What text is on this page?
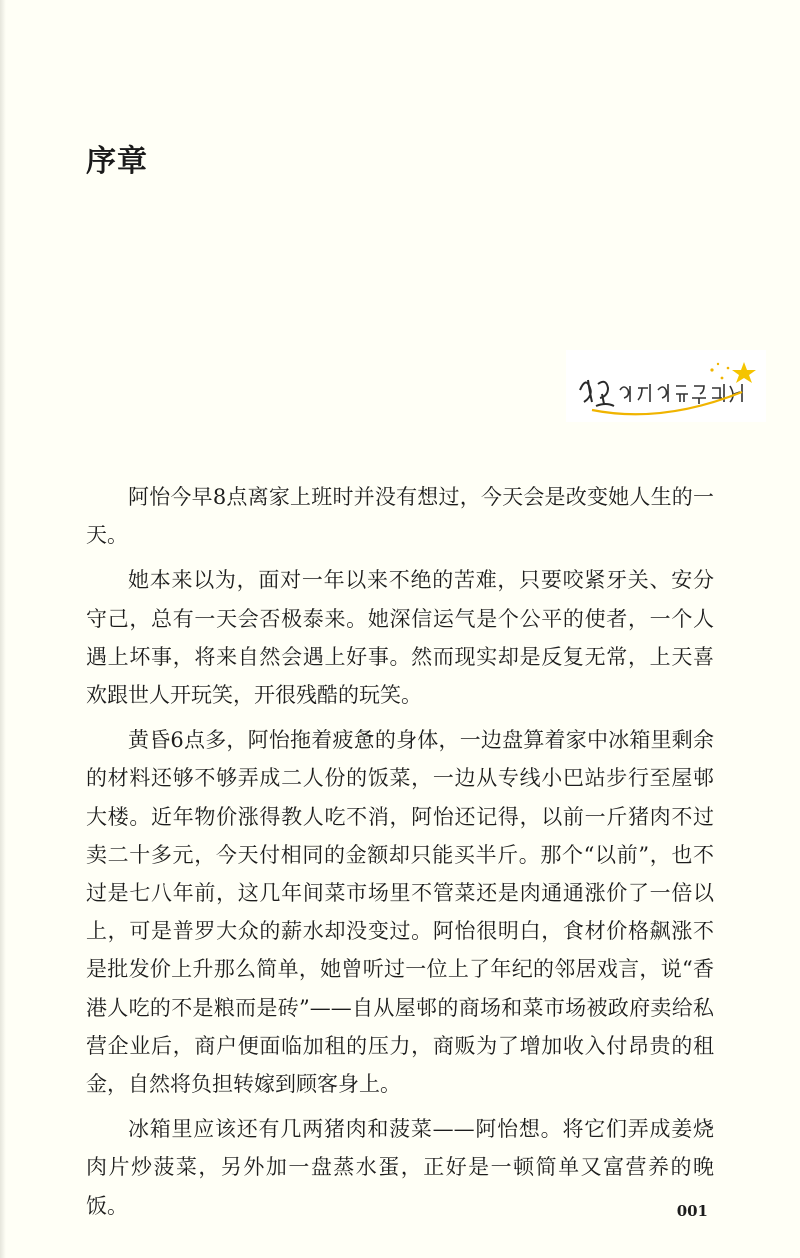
序章

阿怡今早8点离家上班时并没有想过，今天会是改变她人生的一天。

她本来以为，面对一年以来不绝的苦难，只要咬紧牙关、安分守己，总有一天会否极泰来。她深信运气是个公平的使者，一个人遇上坏事，将来自然会遇上好事。然而现实却是反复无常，上天喜欢跟世人开玩笑，开很残酷的玩笑。

黄昏6点多，阿怡拖着疲惫的身体，一边盘算着家中冰箱里剩余的材料还够不够弄成二人份的饭菜，一边从专线小巴站步行至屋邨大楼。近年物价涨得教人吃不消，阿怡还记得，以前一斤猪肉不过卖二十多元，今天付相同的金额却只能买半斤。那个“以前”，也不过是七八年前，这几年间菜市场里不管菜还是肉通通涨价了一倍以上，可是普罗大众的薪水却没变过。阿怡很明白，食材价格飙涨不是批发价上升那么简单，她曾听过一位上了年纪的邻居戏言，说“香港人吃的不是粮而是砖”——自从屋邨的商场和菜市场被政府卖给私营企业后，商户便面临加租的压力，商贩为了增加收入付昂贵的租金，自然将负担转嫁到顾客身上。

冰箱里应该还有几两猪肉和菠菜——阿怡想。将它们弄成姜烧肉片炒菠菜，另外加一盘蒸水蛋，正好是一顿简单又富营养的晚饭。	001
